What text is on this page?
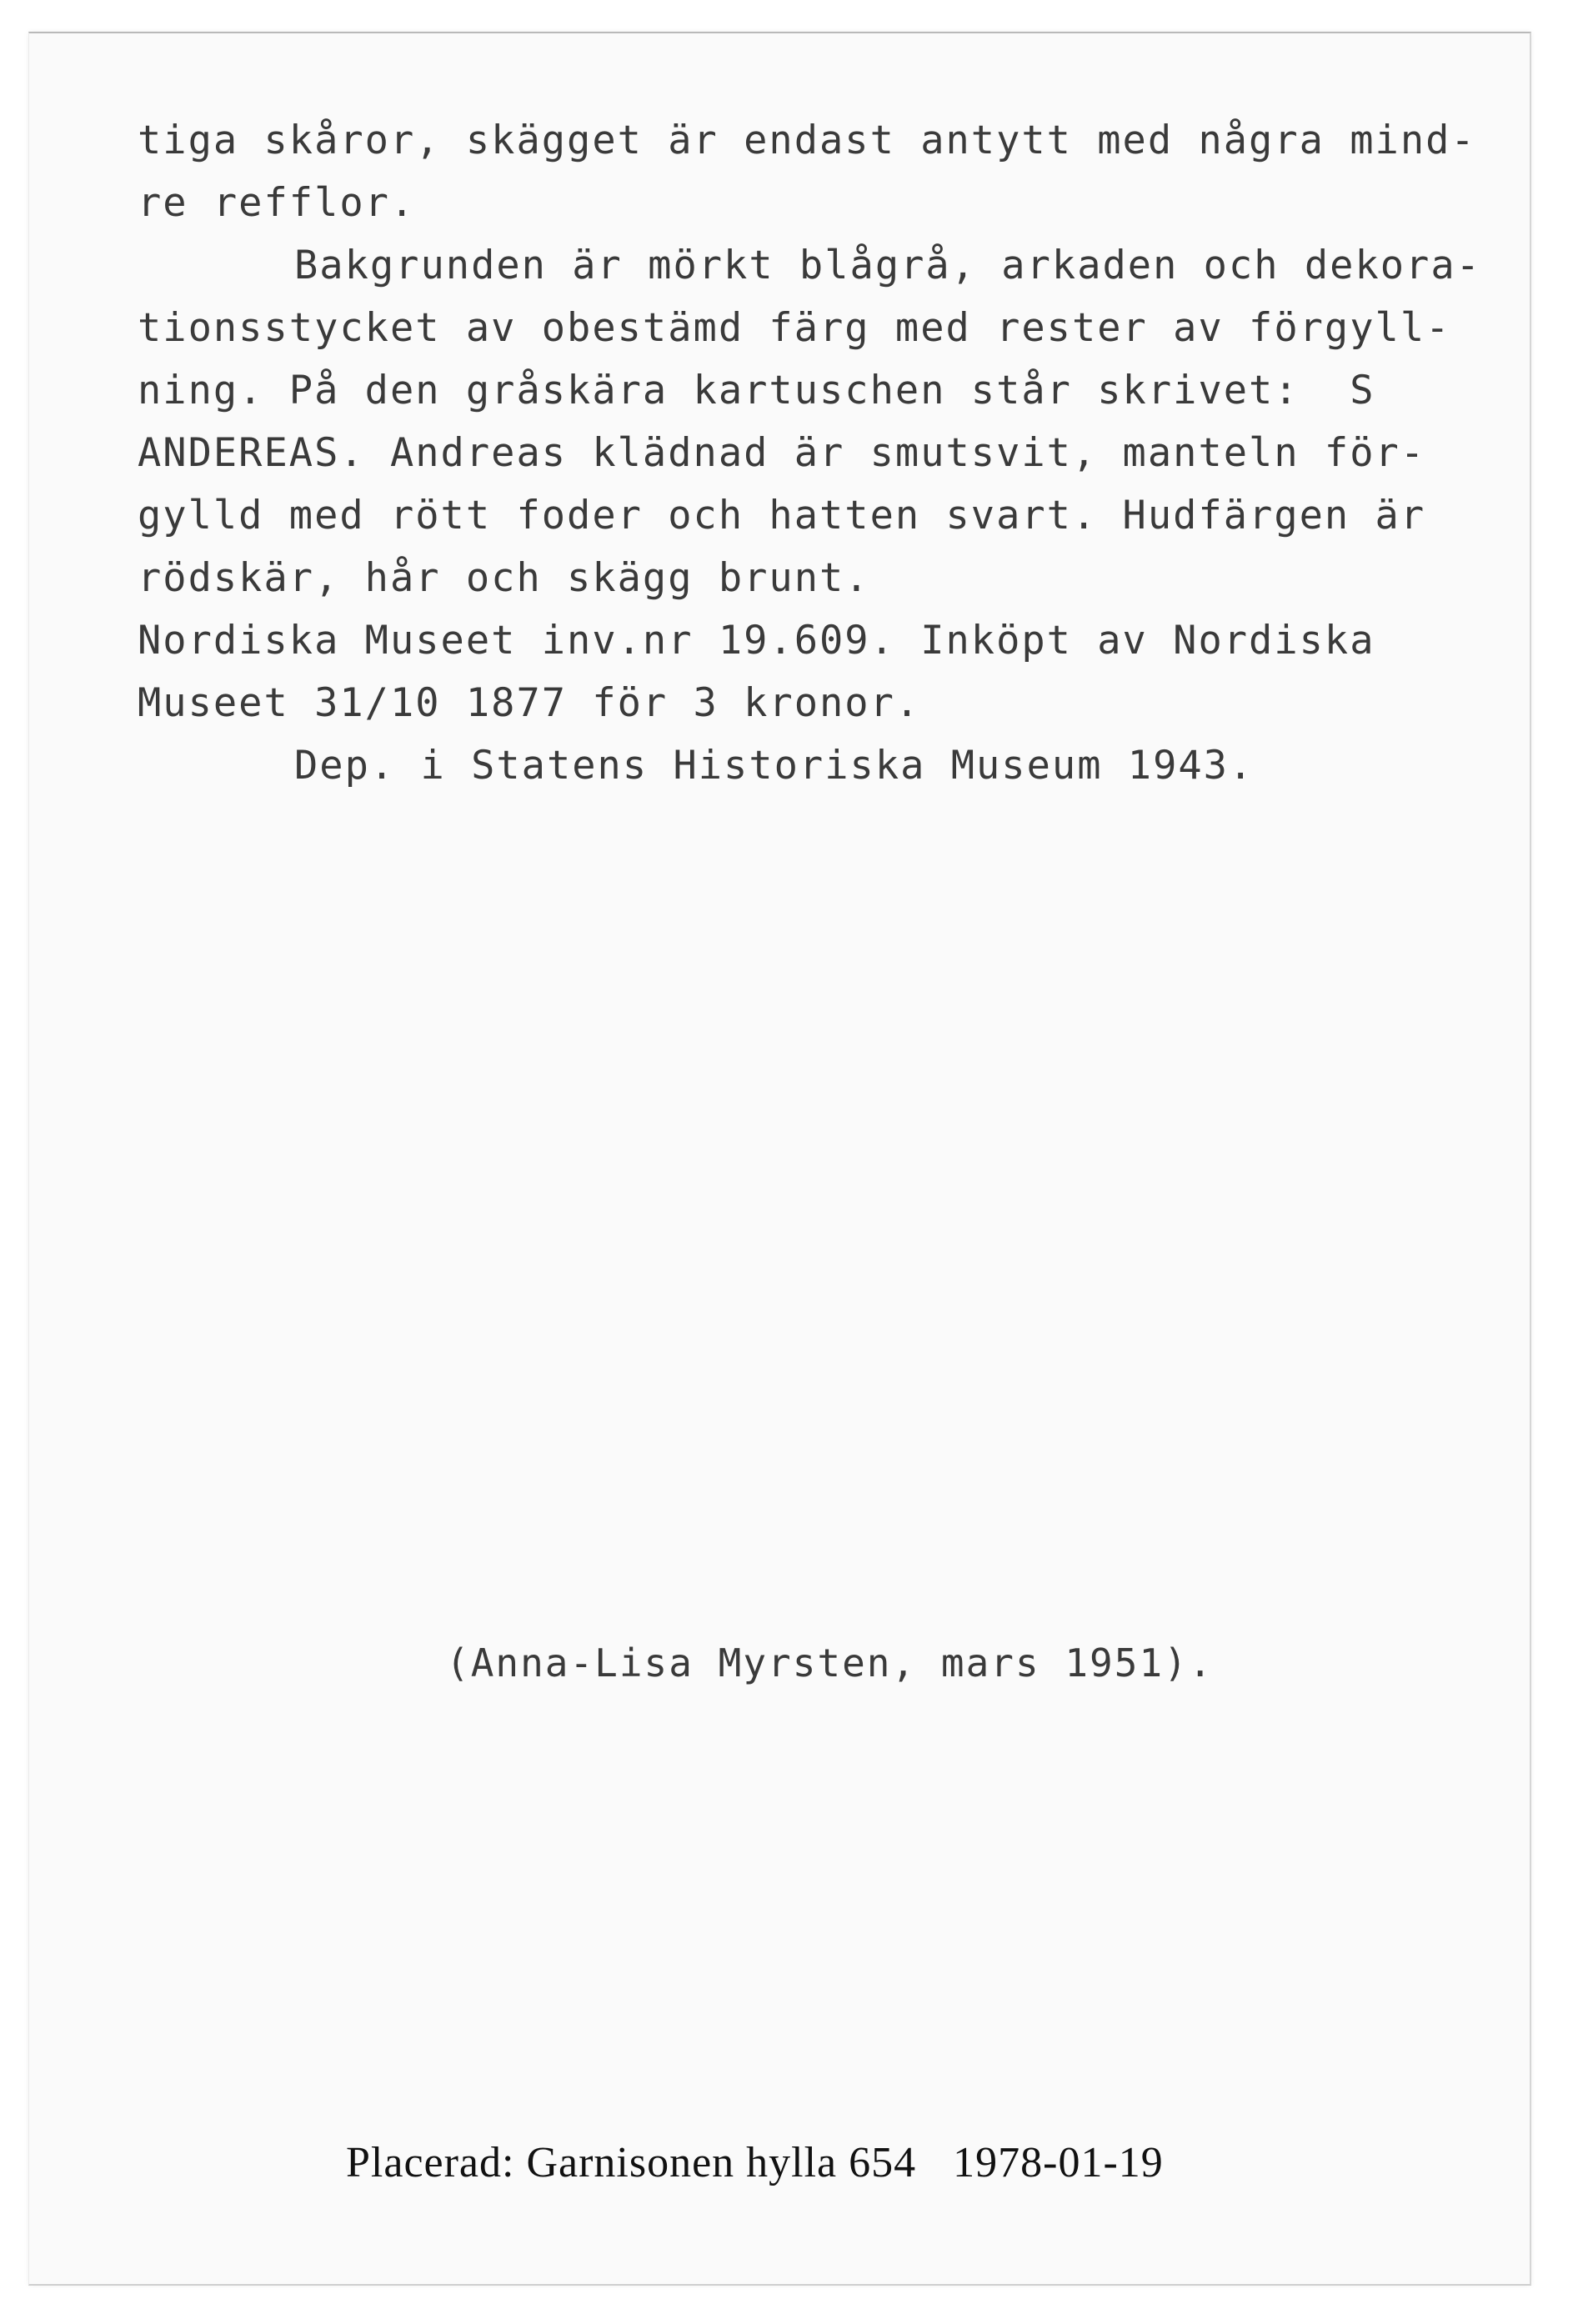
tiga skåror, skägget är endast antytt med några mind-

re refflor.

Bakgrunden är mörkt blågrå, arkaden och dekora-

tionsstycket av obestämd färg med rester av förgyll-

ning. På den gråskära kartuschen står skrivet:  S

ANDEREAS. Andreas klädnad är smutsvit, manteln för-

gylld med rött foder och hatten svart. Hudfärgen är

rödskär, hår och skägg brunt.

Nordiska Museet inv.nr 19.609. Inköpt av Nordiska

Museet 31/10 1877 för 3 kronor.

Dep. i Statens Historiska Museum 1943.

(Anna-Lisa Myrsten, mars 1951).
Placerad: Garnisonen hylla 654 1978-01-19
